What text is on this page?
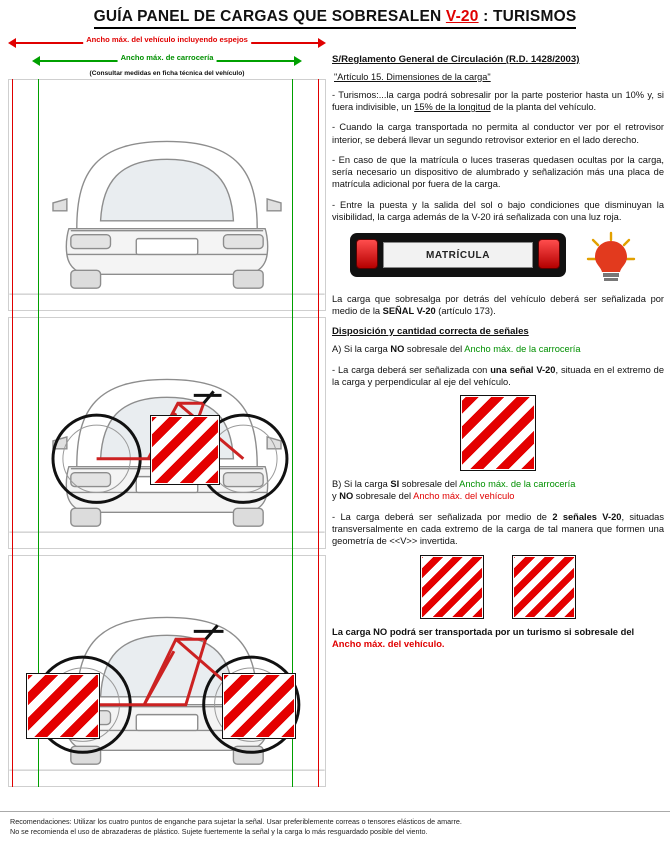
GUÍA PANEL DE CARGAS QUE SOBRESALEN V-20 : TURISMOS
Ancho máx. del vehículo incluyendo espejos
Ancho máx. de carrocería
(Consultar medidas en ficha técnica del vehículo)
S/Reglamento General de Circulación (R.D. 1428/2003)
"Artículo 15. Dimensiones de la carga"

- Turismos:...la carga podrá sobresalir por la parte posterior hasta un 10% y, si fuera indivisible, un 15% de la longitud de la planta del vehículo.

- Cuando la carga transportada no permita al conductor ver por el retrovisor interior, se deberá llevar un segundo retrovisor exterior en el lado derecho.

- En caso de que la matrícula o luces traseras quedasen ocultas por la carga, sería necesario un dispositivo de alumbrado y señalización más una placa de matrícula adicional por fuera de la carga.

- Entre la puesta y la salida del sol o bajo condiciones que disminuyan la visibilidad, la carga además de la V-20 irá señalizada con una luz roja.

MATRÍCULA

La carga que sobresalga por detrás del vehículo deberá ser señalizada por medio de la SEÑAL V-20 (artículo 173).

Disposición y cantidad correcta de señales

A) Si la carga NO sobresale del Ancho máx. de la carrocería

- La carga deberá ser señalizada con una señal V-20, situada en el extremo de la carga y perpendicular al eje del vehículo.

B) Si la carga SI sobresale del Ancho máx. de la carrocería
y NO sobresale del Ancho máx. del vehículo

- La carga deberá ser señalizada por medio de 2 señales V-20, situadas transversalmente en cada extremo de la carga de tal manera que formen una geometría de <<V>> invertida.

La carga NO podrá ser transportada por un turismo si sobresale del Ancho máx. del vehículo.
Recomendaciones: Utilizar los cuatro puntos de enganche para sujetar la señal. Usar preferiblemente correas o tensores elásticos de amarre.
No se recomienda el uso de abrazaderas de plástico. Sujete fuertemente la señal y la carga lo más resguardado posible del viento.
